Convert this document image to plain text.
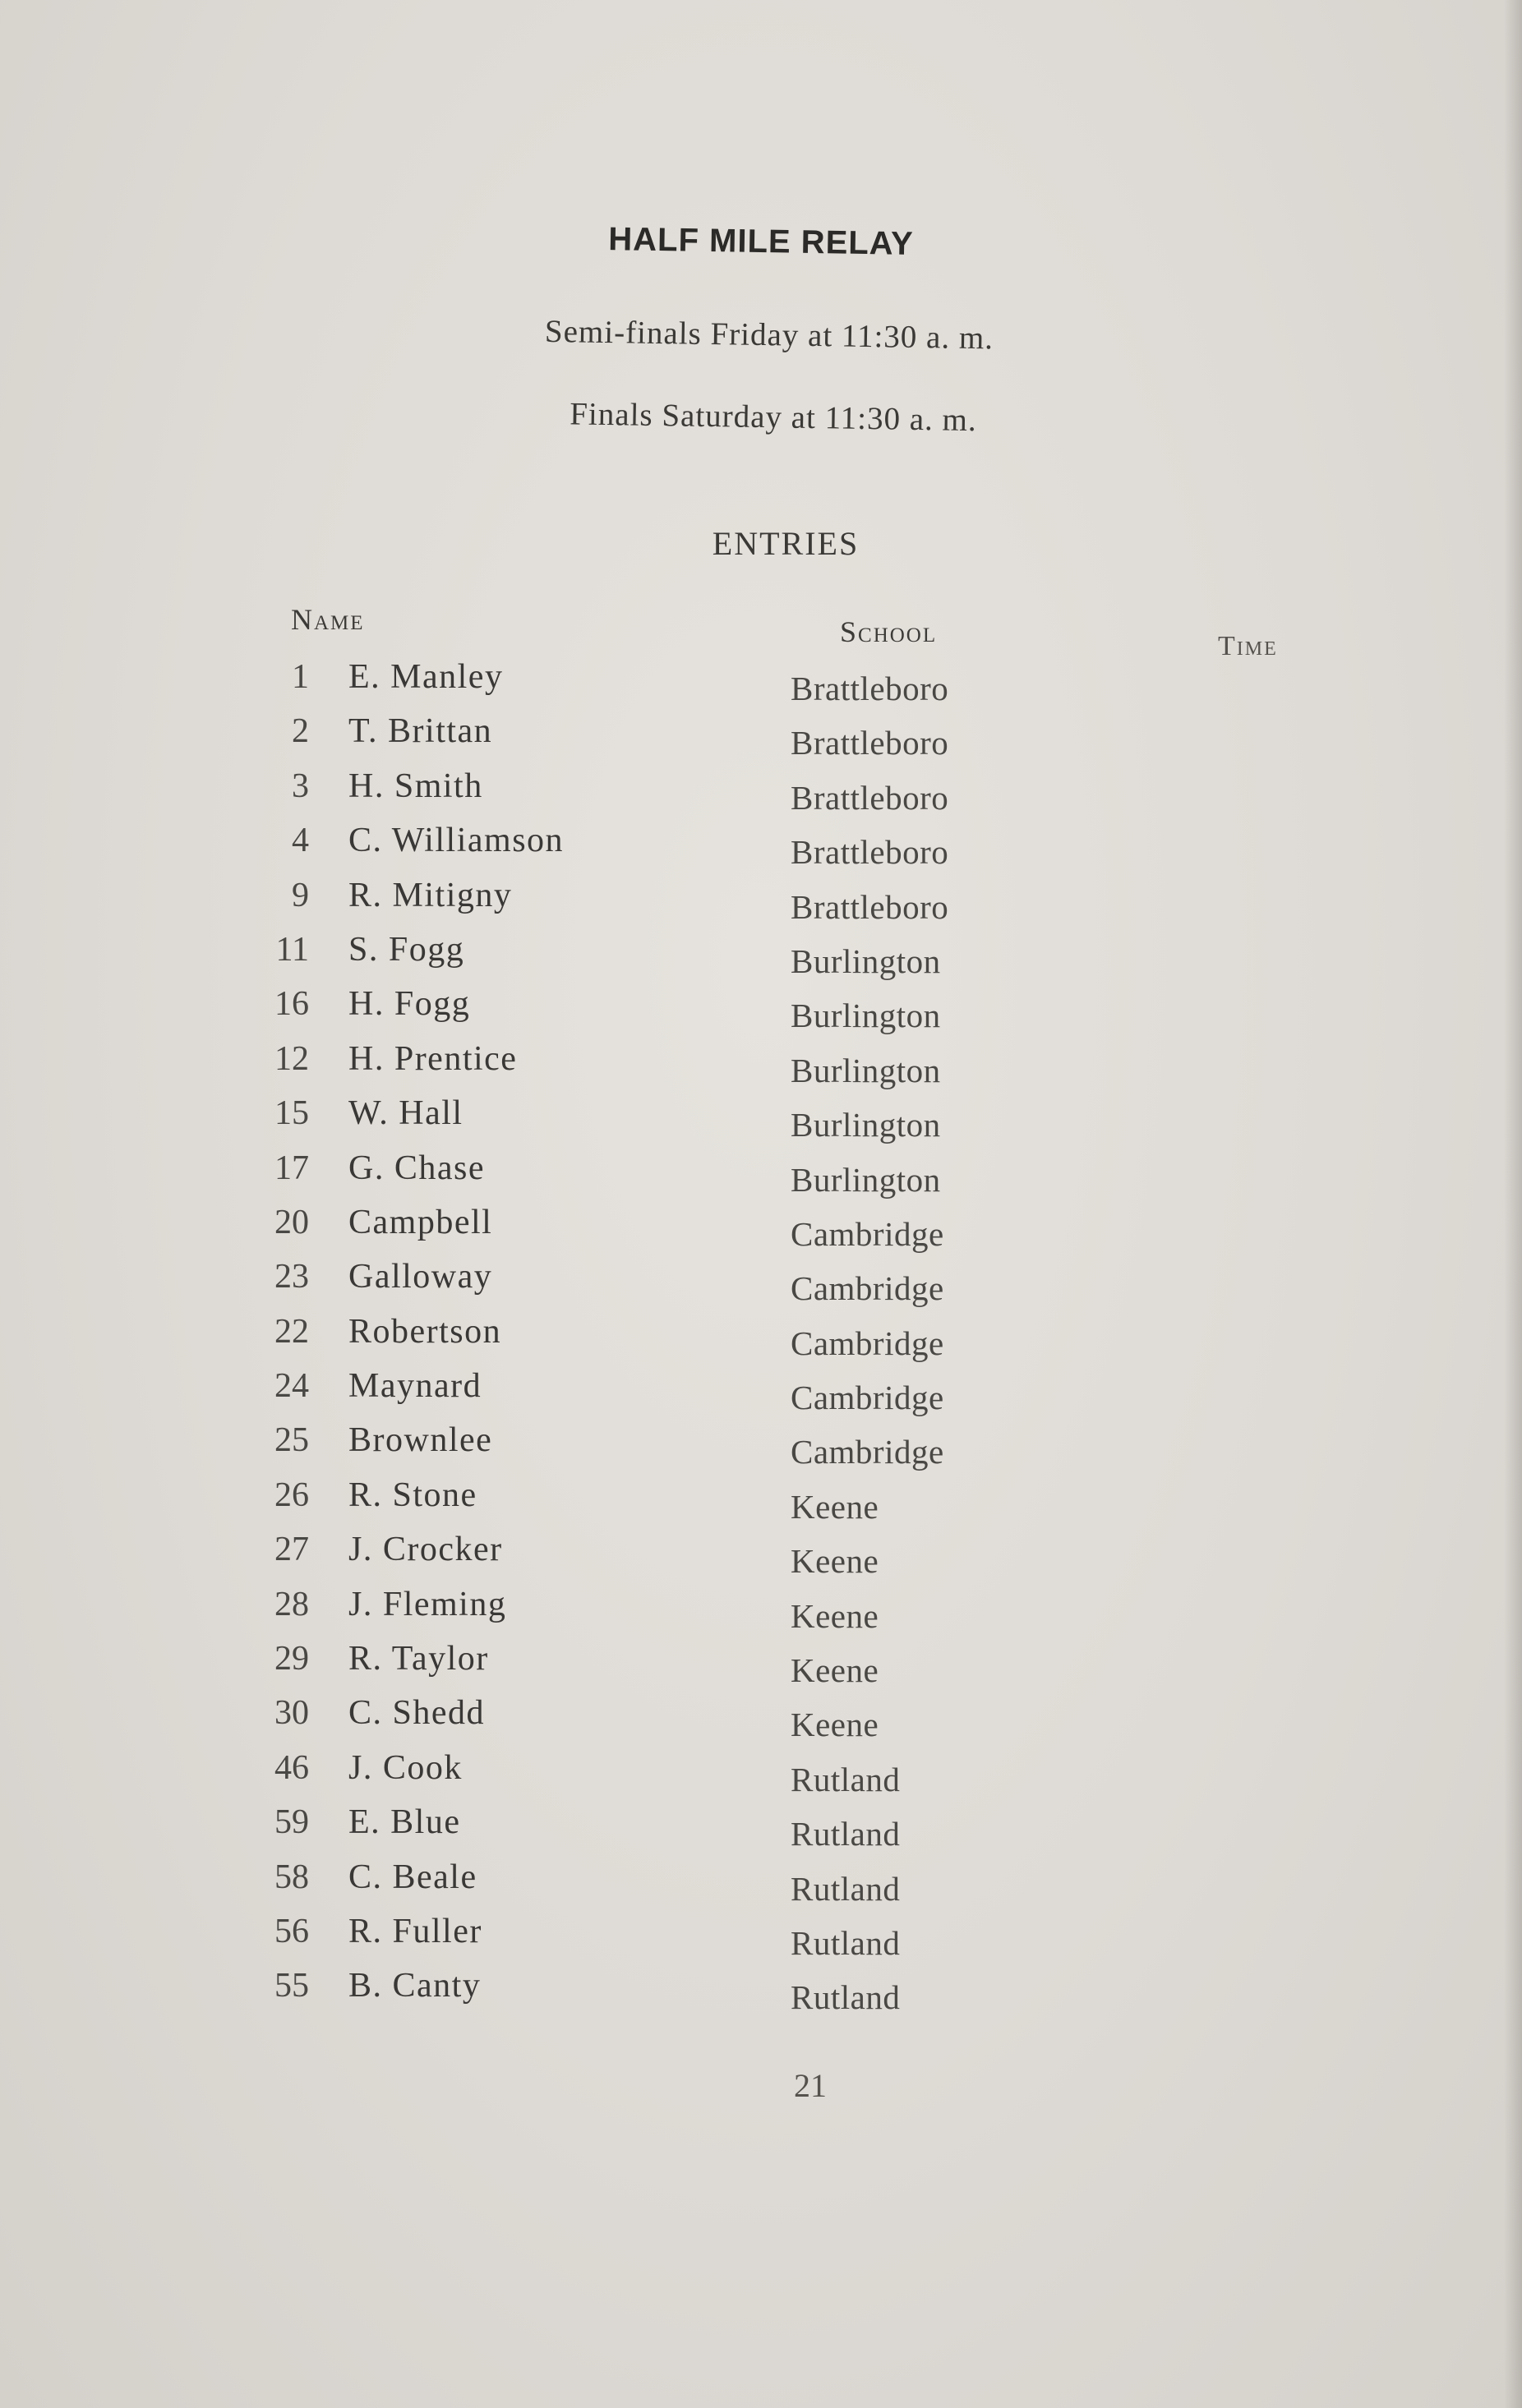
HALF MILE RELAY
Semi-finals Friday at 11:30 a. m.
Finals Saturday at 11:30 a. m.
ENTRIES
Name	School	Time
1 E. Manley	Brattleboro
2 T. Brittan	Brattleboro
3 H. Smith	Brattleboro
4 C. Williamson	Brattleboro
9 R. Mitigny	Brattleboro
11 S. Fogg	Burlington
16 H. Fogg	Burlington
12 H. Prentice	Burlington
15 W. Hall	Burlington
17 G. Chase	Burlington
20 Campbell	Cambridge
23 Galloway	Cambridge
22 Robertson	Cambridge
24 Maynard	Cambridge
25 Brownlee	Cambridge
26 R. Stone	Keene
27 J. Crocker	Keene
28 J. Fleming	Keene
29 R. Taylor	Keene
30 C. Shedd	Keene
46 J. Cook	Rutland
59 E. Blue	Rutland
58 C. Beale	Rutland
56 R. Fuller	Rutland
55 B. Canty	Rutland
21
